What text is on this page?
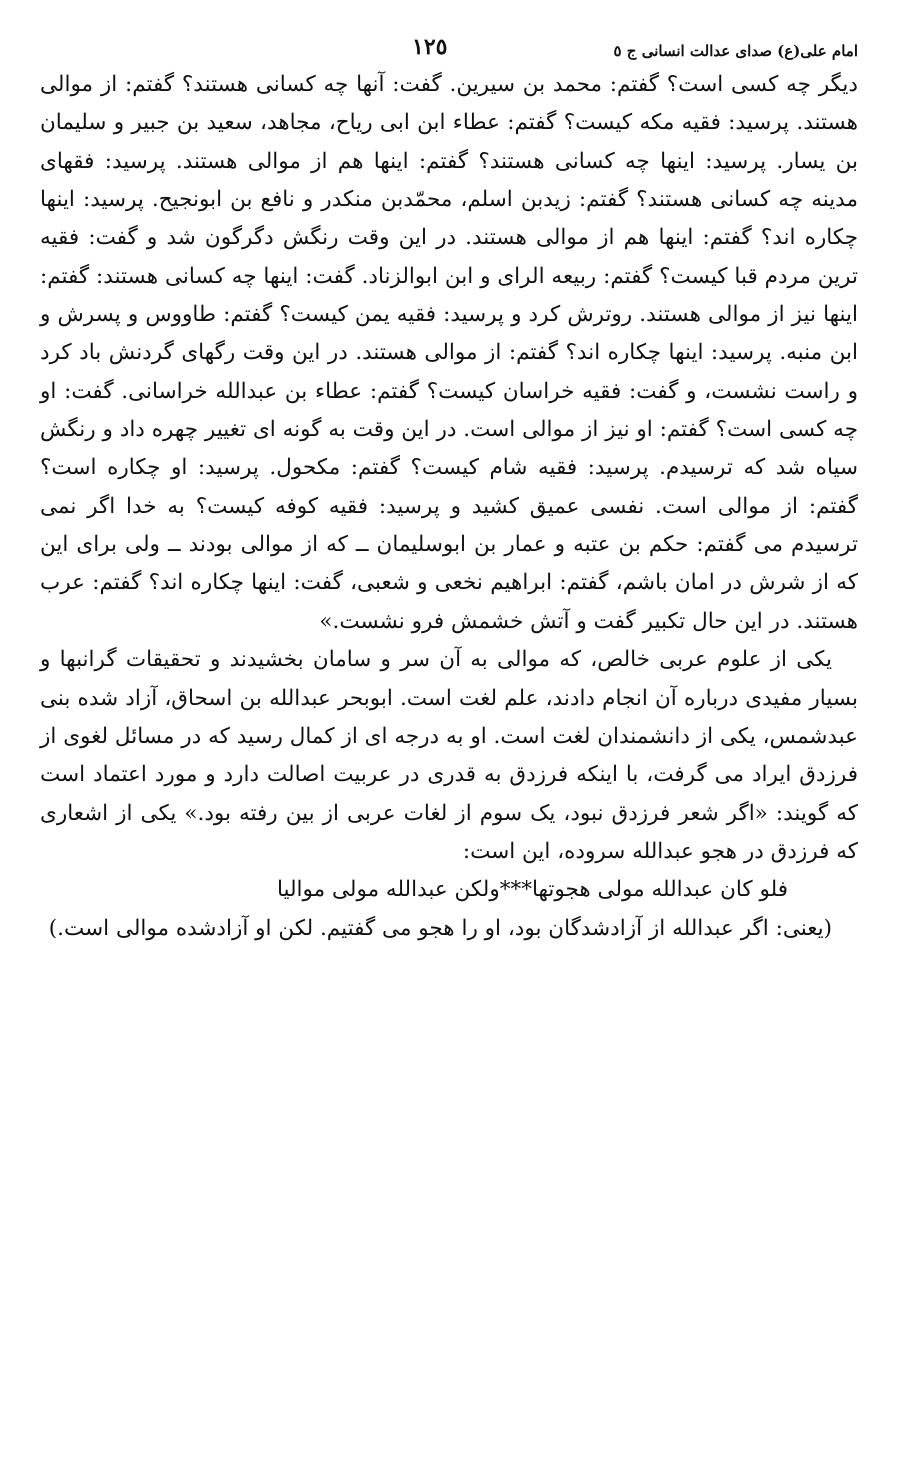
امام علی(ع) صدای عدالت انسانی ج ٥
١٢٥

دیگر چه کسی است؟ گفتم: محمد بن سیرین. گفت: آنها چه کسانی هستند؟ گفتم: از موالی هستند. پرسید: فقیه مکه کیست؟ گفتم: عطاء ابن ابی ریاح، مجاهد، سعید بن جبیر و سلیمان بن یسار. پرسید: اینها چه کسانی هستند؟ گفتم: اینها هم از موالی هستند. پرسید: فقهای مدینه چه کسانی هستند؟ گفتم: زیدبن اسلم، محمّدبن منکدر و نافع بن ابونجیح. پرسید: اینها چکاره اند؟ گفتم: اینها هم از موالی هستند. در این وقت رنگش دگرگون شد و گفت: فقیه ترین مردم قبا کیست؟ گفتم: ربیعه الرای و ابن ابوالزناد. گفت: اینها چه کسانی هستند: گفتم: اینها نیز از موالی هستند. روترش کرد و پرسید: فقیه یمن کیست؟ گفتم: طاووس و پسرش و ابن منبه. پرسید: اینها چکاره اند؟ گفتم: از موالی هستند. در این وقت رگهای گردنش باد کرد و راست نشست، و گفت: فقیه خراسان کیست؟ گفتم: عطاء بن عبدالله خراسانی. گفت: او چه کسی است؟ گفتم: او نیز از موالی است. در این وقت به گونه ای تغییر چهره داد و رنگش سیاه شد که ترسیدم. پرسید: فقیه شام کیست؟ گفتم: مکحول. پرسید: او چکاره است؟ گفتم: از موالی است. نفسی عمیق کشید و پرسید: فقیه کوفه کیست؟ به خدا اگر نمی ترسیدم می گفتم: حکم بن عتبه و عمار بن ابوسلیمان ــ که از موالی بودند ــ ولی برای این که از شرش در امان باشم، گفتم: ابراهیم نخعی و شعبی، گفت: اینها چکاره اند؟ گفتم: عرب هستند. در این حال تکبیر گفت و آتش خشمش فرو نشست.»

یکی از علوم عربی خالص، که موالی به آن سر و سامان بخشیدند و تحقیقات گرانبها و بسیار مفیدی درباره آن انجام دادند، علم لغت است. ابوبحر عبدالله بن اسحاق، آزاد شده بنی عبدشمس، یکی از دانشمندان لغت است. او به درجه ای از کمال رسید که در مسائل لغوی از فرزدق ایراد می گرفت، با اینکه فرزدق به قدری در عربیت اصالت دارد و مورد اعتماد است که گویند: «اگر شعر فرزدق نبود، یک سوم از لغات عربی از بین رفته بود.» یکی از اشعاری که فرزدق در هجو عبدالله سروده، این است:

فلو کان عبدالله مولی هجوتها***ولکن عبدالله مولی موالیا

(یعنی: اگر عبدالله از آزادشدگان بود، او را هجو می گفتیم. لکن او آزادشده موالی است.)
